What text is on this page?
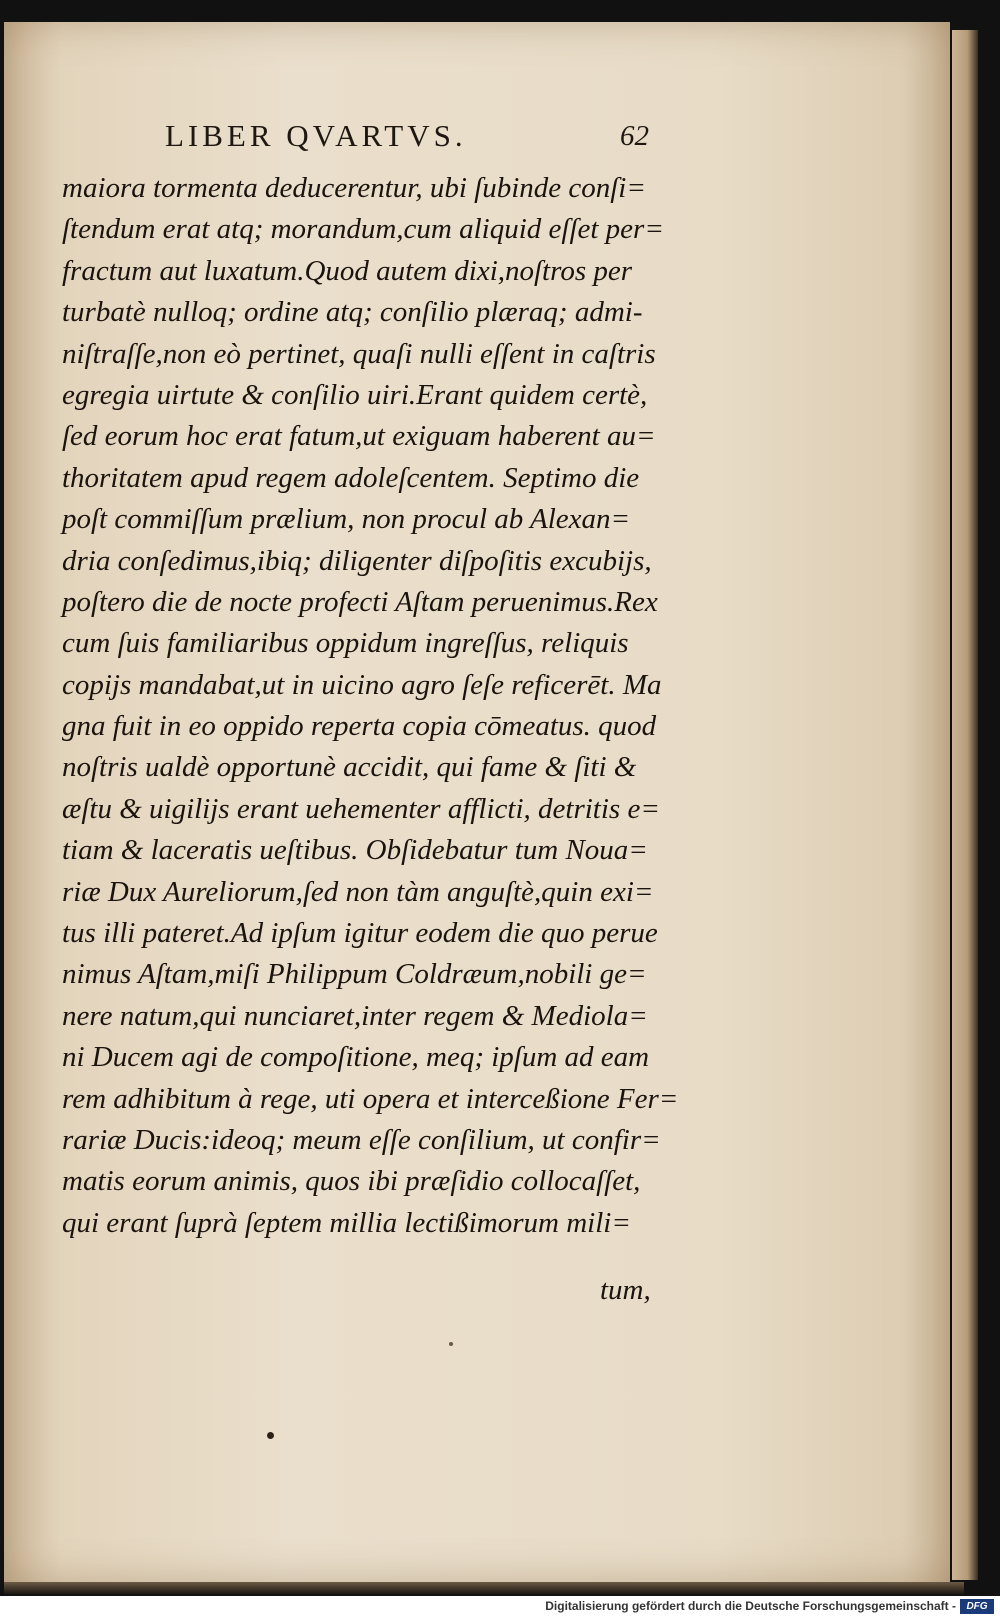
LIBER QVARTVS.	62
maiora tormenta deducerentur, ubi ſubinde conſi=
ſtendum erat atq; morandum,cum aliquid eſſet per=
fractum aut luxatum.Quod autem dixi,noſtros per
turbatè nulloq; ordine atq; conſilio plæraq; admi-
niſtraſſe,non eò pertinet, quaſi nulli eſſent in caſtris
egregia uirtute & conſilio uiri.Erant quidem certè,
ſed eorum hoc erat fatum,ut exiguam haberent au=
thoritatem apud regem adoleſcentem. Septimo die
poſt commiſſum prælium, non procul ab Alexan=
dria conſedimus,ibiq; diligenter diſpoſitis excubijs,
poſtero die de nocte profecti Aſtam peruenimus.Rex
cum ſuis familiaribus oppidum ingreſſus, reliquis
copijs mandabat,ut in uicino agro ſeſe reficerēt. Ma
gna fuit in eo oppido reperta copia cōmeatus. quod
noſtris ualdè opportunè accidit, qui fame & ſiti &
æſtu & uigilijs erant uehementer afflicti, detritis e=
tiam & laceratis ueſtibus. Obſidebatur tum Noua=
riæ Dux Aureliorum,ſed non tàm anguſtè,quin exi=
tus illi pateret.Ad ipſum igitur eodem die quo perue
nimus Aſtam,miſi Philippum Coldræum,nobili ge=
nere natum,qui nunciaret,inter regem & Mediola=
ni Ducem agi de compoſitione, meq; ipſum ad eam
rem adhibitum à rege, uti opera et interceßione Fer=
rariæ Ducis:ideoq; meum eſſe conſilium, ut confir=
matis eorum animis, quos ibi præſidio collocaſſet,
qui erant ſuprà ſeptem millia lectißimorum mili=
tum,
Digitalisierung gefördert durch die Deutsche Forschungsgemeinschaft -	DFG
